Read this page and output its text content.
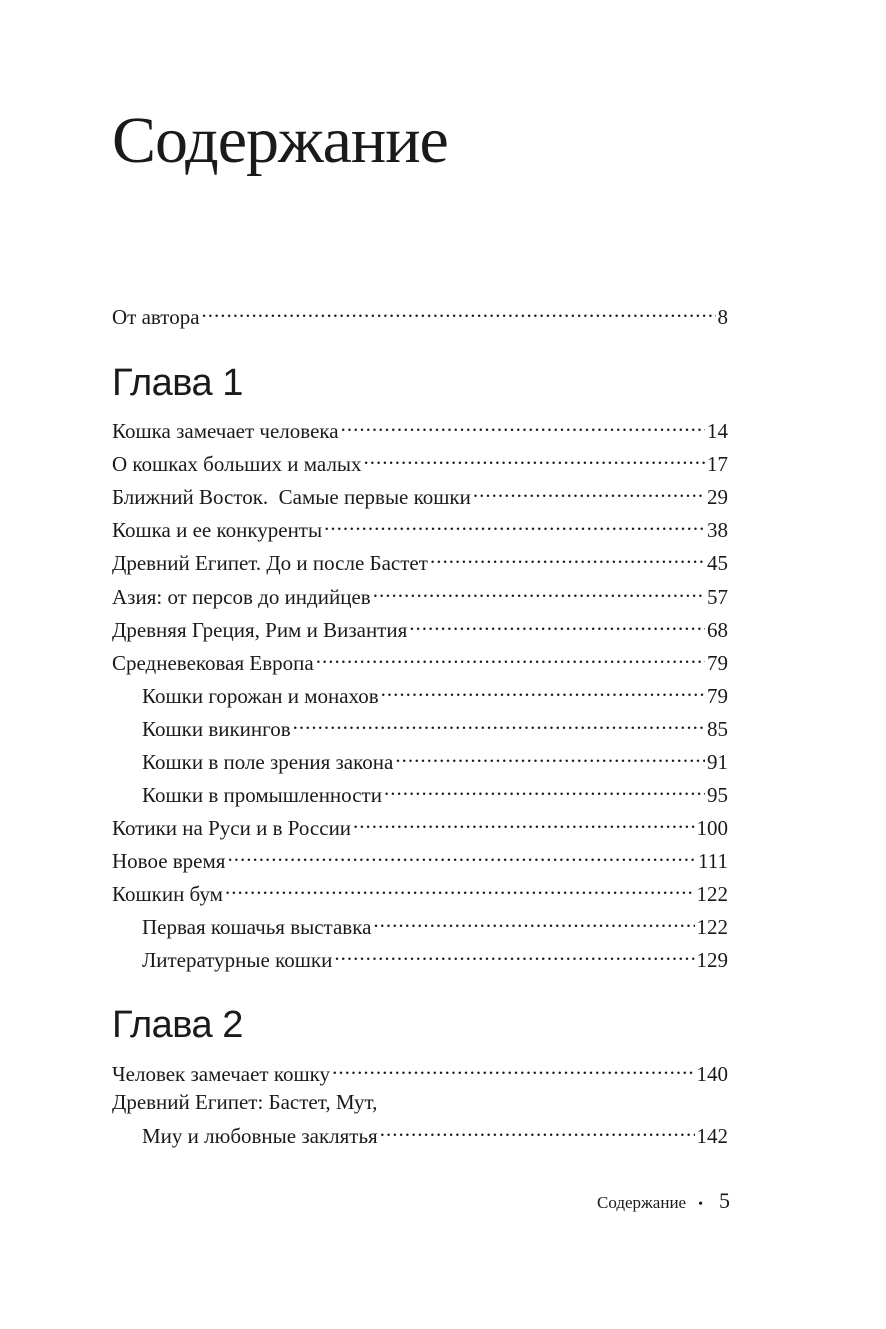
Содержание
От автора .....	8
Глава 1
Кошка замечает человека .....	14
О кошках больших и малых .....	17
Ближний Восток.  Самые первые кошки .....	29
Кошка и ее конкуренты .....	38
Древний Египет. До и после Бастет .....	45
Азия: от персов до индийцев .....	57
Древняя Греция, Рим и Византия .....	68
Средневековая Европа .....	79
Кошки горожан и монахов .....	79
Кошки викингов .....	85
Кошки в поле зрения закона .....	91
Кошки в промышленности .....	95
Котики на Руси и в России .....	100
Новое время .....	111
Кошкин бум .....	122
Первая кошачья выставка .....	122
Литературные кошки .....	129
Глава 2
Человек замечает кошку .....	140
Древний Египет: Бастет, Мут,
Миу и любовные заклятья .....	142
Содержание • 5
